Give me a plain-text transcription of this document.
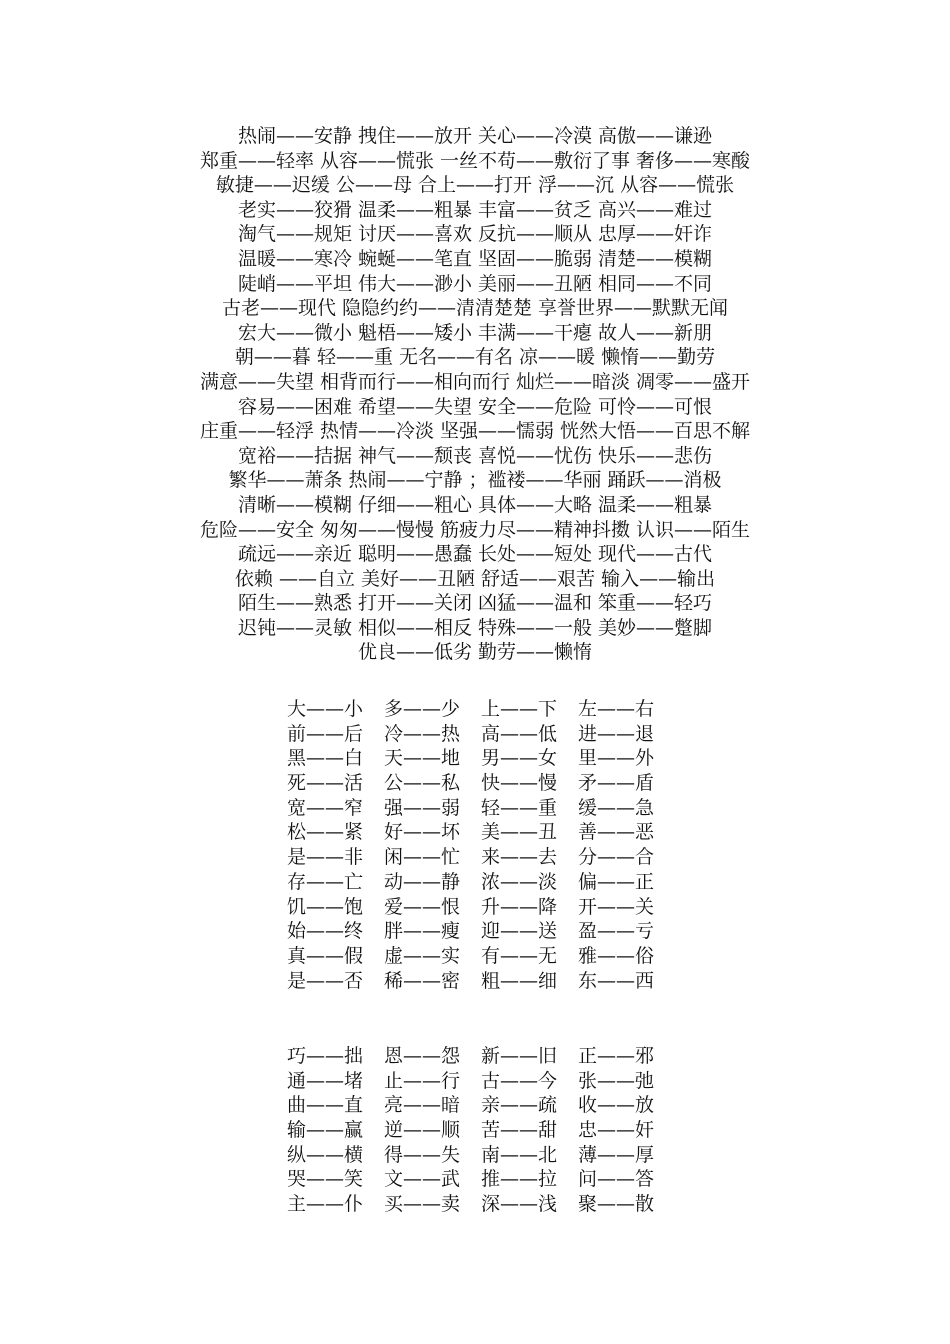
热闹——安静 拽住——放开 关心——冷漠 高傲——谦逊
郑重——轻率 从容——慌张 一丝不苟——敷衍了事 奢侈——寒酸
敏捷——迟缓 公——母 合上——打开 浮——沉 从容——慌张
老实——狡猾 温柔——粗暴 丰富——贫乏 高兴——难过
淘气——规矩 讨厌——喜欢 反抗——顺从 忠厚——奸诈
温暖——寒冷 蜿蜒——笔直 坚固——脆弱 清楚——模糊
陡峭——平坦 伟大——渺小 美丽——丑陋 相同——不同
古老——现代 隐隐约约——清清楚楚 享誉世界——默默无闻
宏大——微小 魁梧——矮小 丰满——干瘪 故人——新朋
朝——暮 轻——重 无名——有名 凉——暖 懒惰——勤劳
满意——失望 相背而行——相向而行 灿烂——暗淡 凋零——盛开
容易——困难 希望——失望 安全——危险 可怜——可恨
庄重——轻浮 热情——冷淡 坚强——懦弱 恍然大悟——百思不解
宽裕——拮据 神气——颓丧 喜悦——忧伤 快乐——悲伤
繁华——萧条 热闹——宁静 ；褴褛——华丽 踊跃——消极
清晰——模糊 仔细——粗心 具体——大略 温柔——粗暴
危险——安全 匆匆——慢慢 筋疲力尽——精神抖擞 认识——陌生
疏远——亲近 聪明——愚蠢 长处——短处 现代——古代
依赖 ——自立 美好——丑陋 舒适——艰苦 输入——输出
陌生——熟悉 打开——关闭 凶猛——温和 笨重——轻巧
迟钝——灵敏 相似——相反 特殊——一般 美妙——蹩脚
优良——低劣 勤劳——懒惰
大——小	多——少	上——下	左——右
前——后	冷——热	高——低	进——退
黑——白	天——地	男——女	里——外
死——活	公——私	快——慢	矛——盾
宽——窄	强——弱	轻——重	缓——急
松——紧	好——坏	美——丑	善——恶
是——非	闲——忙	来——去	分——合
存——亡	动——静	浓——淡	偏——正
饥——饱	爱——恨	升——降	开——关
始——终	胖——瘦	迎——送	盈——亏
真——假	虚——实	有——无	雅——俗
是——否	稀——密	粗——细	东——西
巧——拙	恩——怨	新——旧	正——邪
通——堵	止——行	古——今	张——弛
曲——直	亮——暗	亲——疏	收——放
输——赢	逆——顺	苦——甜	忠——奸
纵——横	得——失	南——北	薄——厚
哭——笑	文——武	推——拉	问——答
主——仆	买——卖	深——浅	聚——散
